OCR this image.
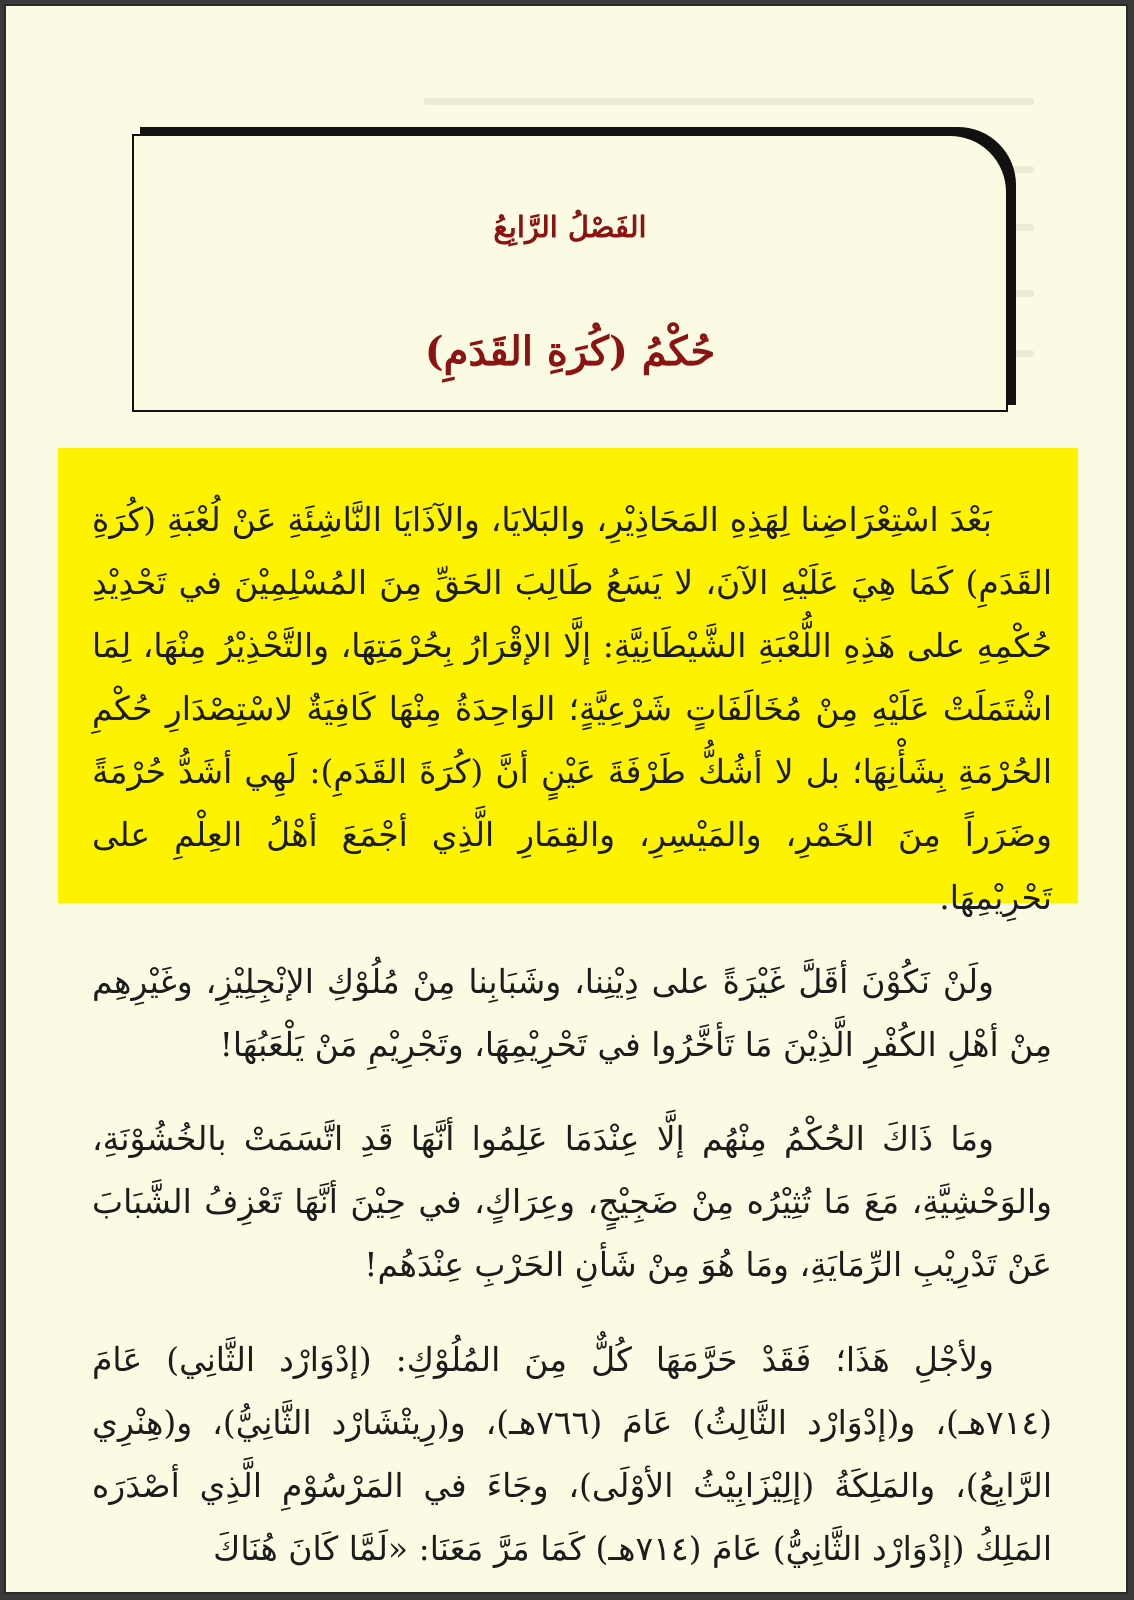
الفَصْلُ الرَّابِعُ
حُكْمُ (كُرَةِ القَدَمِ)

بَعْدَ اسْتِعْرَاضِنا لِهَذِهِ المَحَاذِيْرِ، والبَلايَا، والآذَايَا النَّاشِئَةِ عَنْ لُعْبَةِ (كُرَةِ القَدَمِ) كَمَا هِيَ عَلَيْهِ الآنَ، لا يَسَعُ طَالِبَ الحَقِّ مِنَ المُسْلِمِيْنَ في تَحْدِيْدِ حُكْمِهِ على هَذِهِ اللُّعْبَةِ الشَّيْطَانِيَّةِ: إلَّا الإقْرَارُ بِحُرْمَتِهَا، والتَّحْذِيْرُ مِنْهَا، لِمَا اشْتَمَلَتْ عَلَيْهِ مِنْ مُخَالَفَاتٍ شَرْعِيَّةٍ؛ الوَاحِدَةُ مِنْهَا كَافِيَةٌ لاسْتِصْدَارِ حُكْمِ الحُرْمَةِ بِشَأْنِهَا؛ بل لا أشُكُّ طَرْفَةَ عَيْنٍ أنَّ (كُرَةَ القَدَمِ): لَهِي أشَدُّ حُرْمَةً وضَرَراً مِنَ الخَمْرِ، والمَيْسِرِ، والقِمَارِ الَّذِي أجْمَعَ أهْلُ العِلْمِ على تَحْرِيْمِهَا.

ولَنْ نَكُوْنَ أقَلَّ غَيْرَةً على دِيْنِنا، وشَبَابِنا مِنْ مُلُوْكِ الإنْجِلِيْزِ، وغَيْرِهِم مِنْ أهْلِ الكُفْرِ الَّذِيْنَ مَا تَأخَّرُوا في تَحْرِيْمِهَا، وتَجْرِيْمِ مَنْ يَلْعَبُهَا!

ومَا ذَاكَ الحُكْمُ مِنْهُم إلَّا عِنْدَمَا عَلِمُوا أنَّهَا قَدِ اتَّسَمَتْ بالخُشُوْنَةِ، والوَحْشِيَّةِ، مَعَ مَا تُثِيْرُه مِنْ ضَجِيْجٍ، وعِرَاكٍ، في حِيْنَ أنَّهَا تَعْزِفُ الشَّبَابَ عَنْ تَدْرِيْبِ الرِّمَايَةِ، ومَا هُوَ مِنْ شَأنِ الحَرْبِ عِنْدَهُم!

ولأجْلِ هَذَا؛ فَقَدْ حَرَّمَهَا كُلٌّ مِنَ المُلُوْكِ: (إدْوَارْد الثَّانِي) عَامَ (٧١٤هـ)، و(إدْوَارْد الثَّالِثُ) عَامَ (٧٦٦هـ)، و(رِيتْشَارْد الثَّانِيُّ)، و(هِنْرِي الرَّابِعُ)، والمَلِكَةُ (إلِيْزَابِيْثُ الأوْلَى)، وجَاءَ في المَرْسُوْمِ الَّذِي أصْدَرَه المَلِكُ (إدْوَارْد الثَّانِيُّ) عَامَ (٧١٤هـ) كَمَا مَرَّ مَعَنَا: «لَمَّا كَانَ هُنَاكَ
